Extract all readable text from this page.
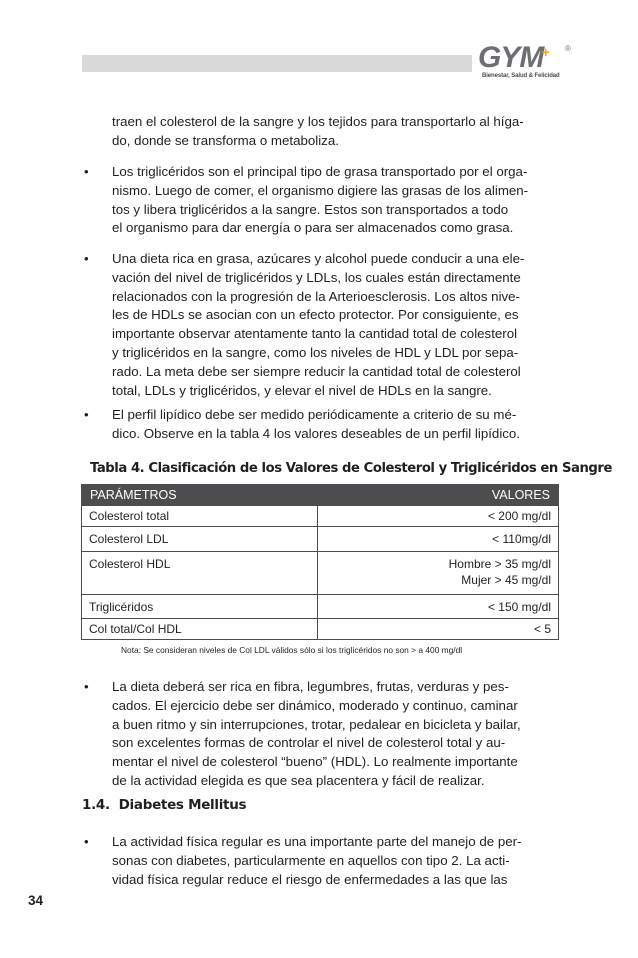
GYM+ ®
Bienestar, Salud & Felicidad

traen el colesterol de la sangre y los tejidos para transportarlo al híga-

do, donde se transforma o metaboliza.

• Los triglicéridos son el principal tipo de grasa transportado por el orga-

nismo. Luego de comer, el organismo digiere las grasas de los alimen-

tos y libera triglicéridos a la sangre. Estos son transportados a todo

el organismo para dar energía o para ser almacenados como grasa.

• Una dieta rica en grasa, azúcares y alcohol puede conducir a una ele-

vación del nivel de triglicéridos y LDLs, los cuales están directamente

relacionados con la progresión de la Arterioesclerosis. Los altos nive-

les de HDLs se asocian con un efecto protector. Por consiguiente, es

importante observar atentamente tanto la cantidad total de colesterol

y triglicéridos en la sangre, como los niveles de HDL y LDL por sepa-

rado. La meta debe ser siempre reducir la cantidad total de colesterol

total, LDLs y triglicéridos, y elevar el nivel de HDLs en la sangre.

• El perfil lipídico debe ser medido periódicamente a criterio de su mé-

dico. Observe en la tabla 4 los valores deseables de un perfil lipídico.

Tabla 4. Clasificación de los Valores de Colesterol y Triglicéridos en Sangre
PARÁMETROS	VALORES
Colesterol total	< 200 mg/dl
Colesterol LDL	< 110mg/dl
Colesterol HDL	Hombre > 35 mg/dl
Mujer > 45 mg/dl

Triglicéridos	< 150 mg/dl
Col total/Col HDL	< 5
Nota: Se consideran niveles de Col LDL válidos sólo si los triglicéridos no son > a 400 mg/dl
• La dieta deberá ser rica en fibra, legumbres, frutas, verduras y pes-

cados. El ejercicio debe ser dinámico, moderado y continuo, caminar

a buen ritmo y sin interrupciones, trotar, pedalear en bicicleta y bailar,

son excelentes formas de controlar el nivel de colesterol total y au-

mentar el nivel de colesterol “bueno” (HDL). Lo realmente importante

de la actividad elegida es que sea placentera y fácil de realizar.

1.4. Diabetes Mellitus
• La actividad física regular es una importante parte del manejo de per-

sonas con diabetes, particularmente en aquellos con tipo 2. La acti-

vidad física regular reduce el riesgo de enfermedades a las que las

34
